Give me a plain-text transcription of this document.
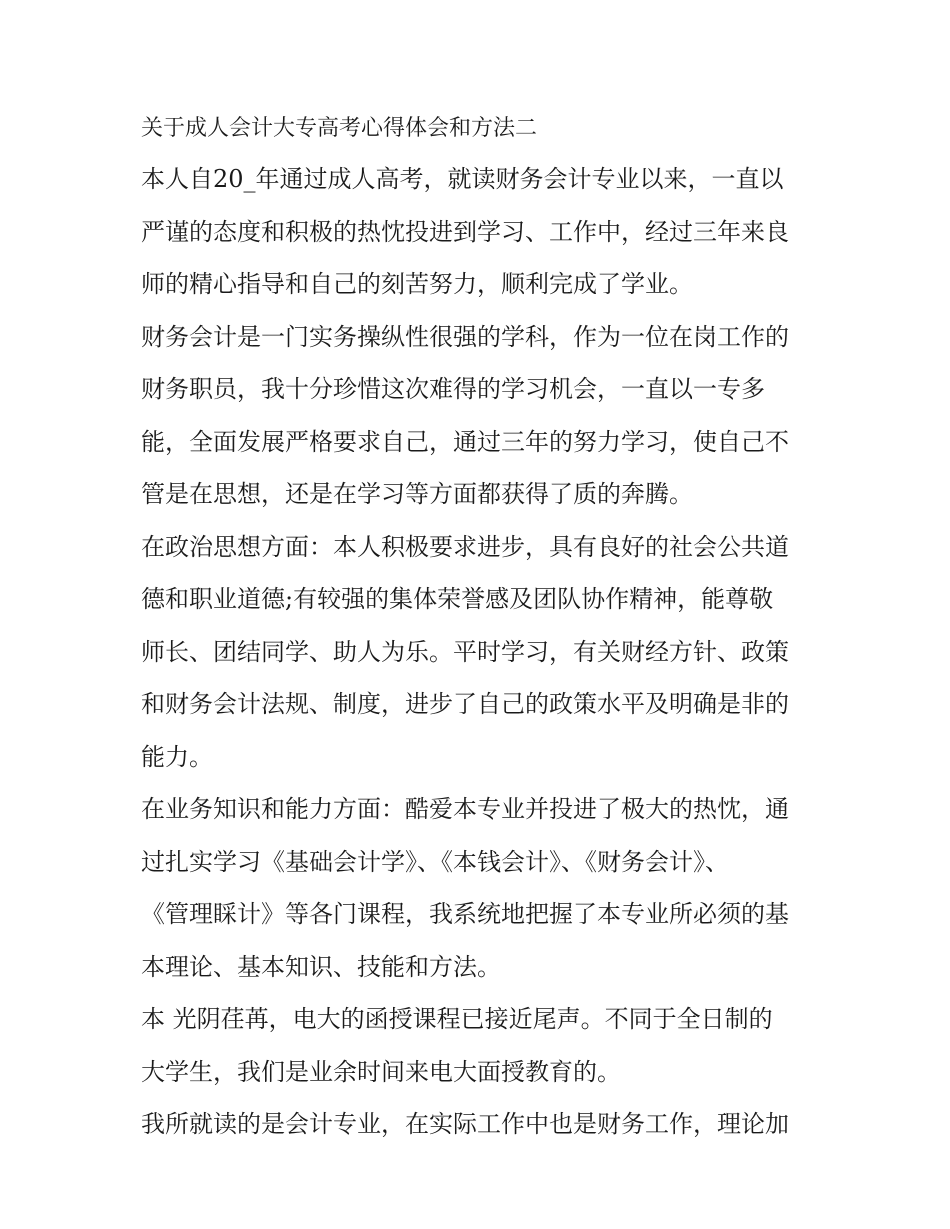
关于成人会计大专高考心得体会和方法二

本人自20_年通过成人高考，就读财务会计专业以来，一直以
严谨的态度和积极的热忱投进到学习、工作中，经过三年来良
师的精心指导和自己的刻苦努力，顺利完成了学业。

财务会计是一门实务操纵性很强的学科，作为一位在岗工作的
财务职员，我十分珍惜这次难得的学习机会，一直以一专多
能，全面发展严格要求自己，通过三年的努力学习，使自己不
管是在思想，还是在学习等方面都获得了质的奔腾。

在政治思想方面：本人积极要求进步，具有良好的社会公共道
德和职业道德;有较强的集体荣誉感及团队协作精神，能尊敬
师长、团结同学、助人为乐。平时学习，有关财经方针、政策
和财务会计法规、制度，进步了自己的政策水平及明确是非的
能力。

在业务知识和能力方面：酷爱本专业并投进了极大的热忱，通
过扎实学习《基础会计学》、《本钱会计》、《财务会计》、
《管理睬计》等各门课程，我系统地把握了本专业所必须的基
本理论、基本知识、技能和方法。

本 光阴荏苒，电大的函授课程已接近尾声。不同于全日制的
大学生，我们是业余时间来电大面授教育的。

我所就读的是会计专业，在实际工作中也是财务工作，理论加
